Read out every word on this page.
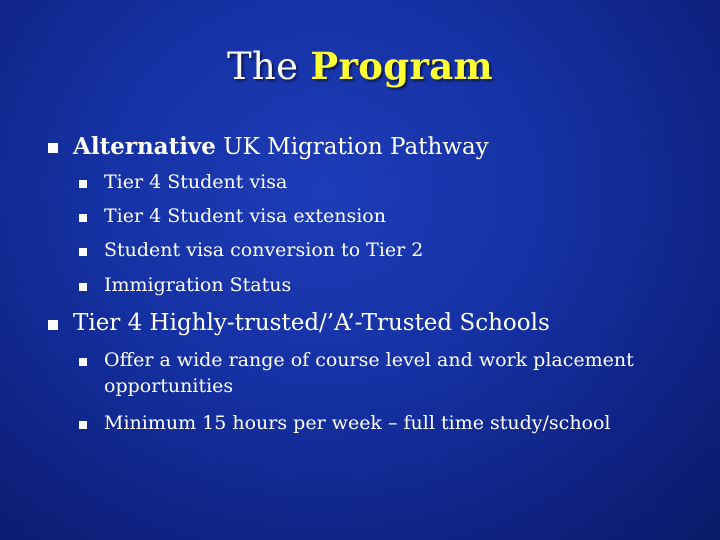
The Program
Alternative UK Migration Pathway
Tier 4 Student visa
Tier 4 Student visa extension
Student visa conversion to Tier 2
Immigration Status
Tier 4 Highly-trusted/’A’-Trusted Schools
Offer a wide range of course level and work placement
opportunities
Minimum 15 hours per week – full time study/school
